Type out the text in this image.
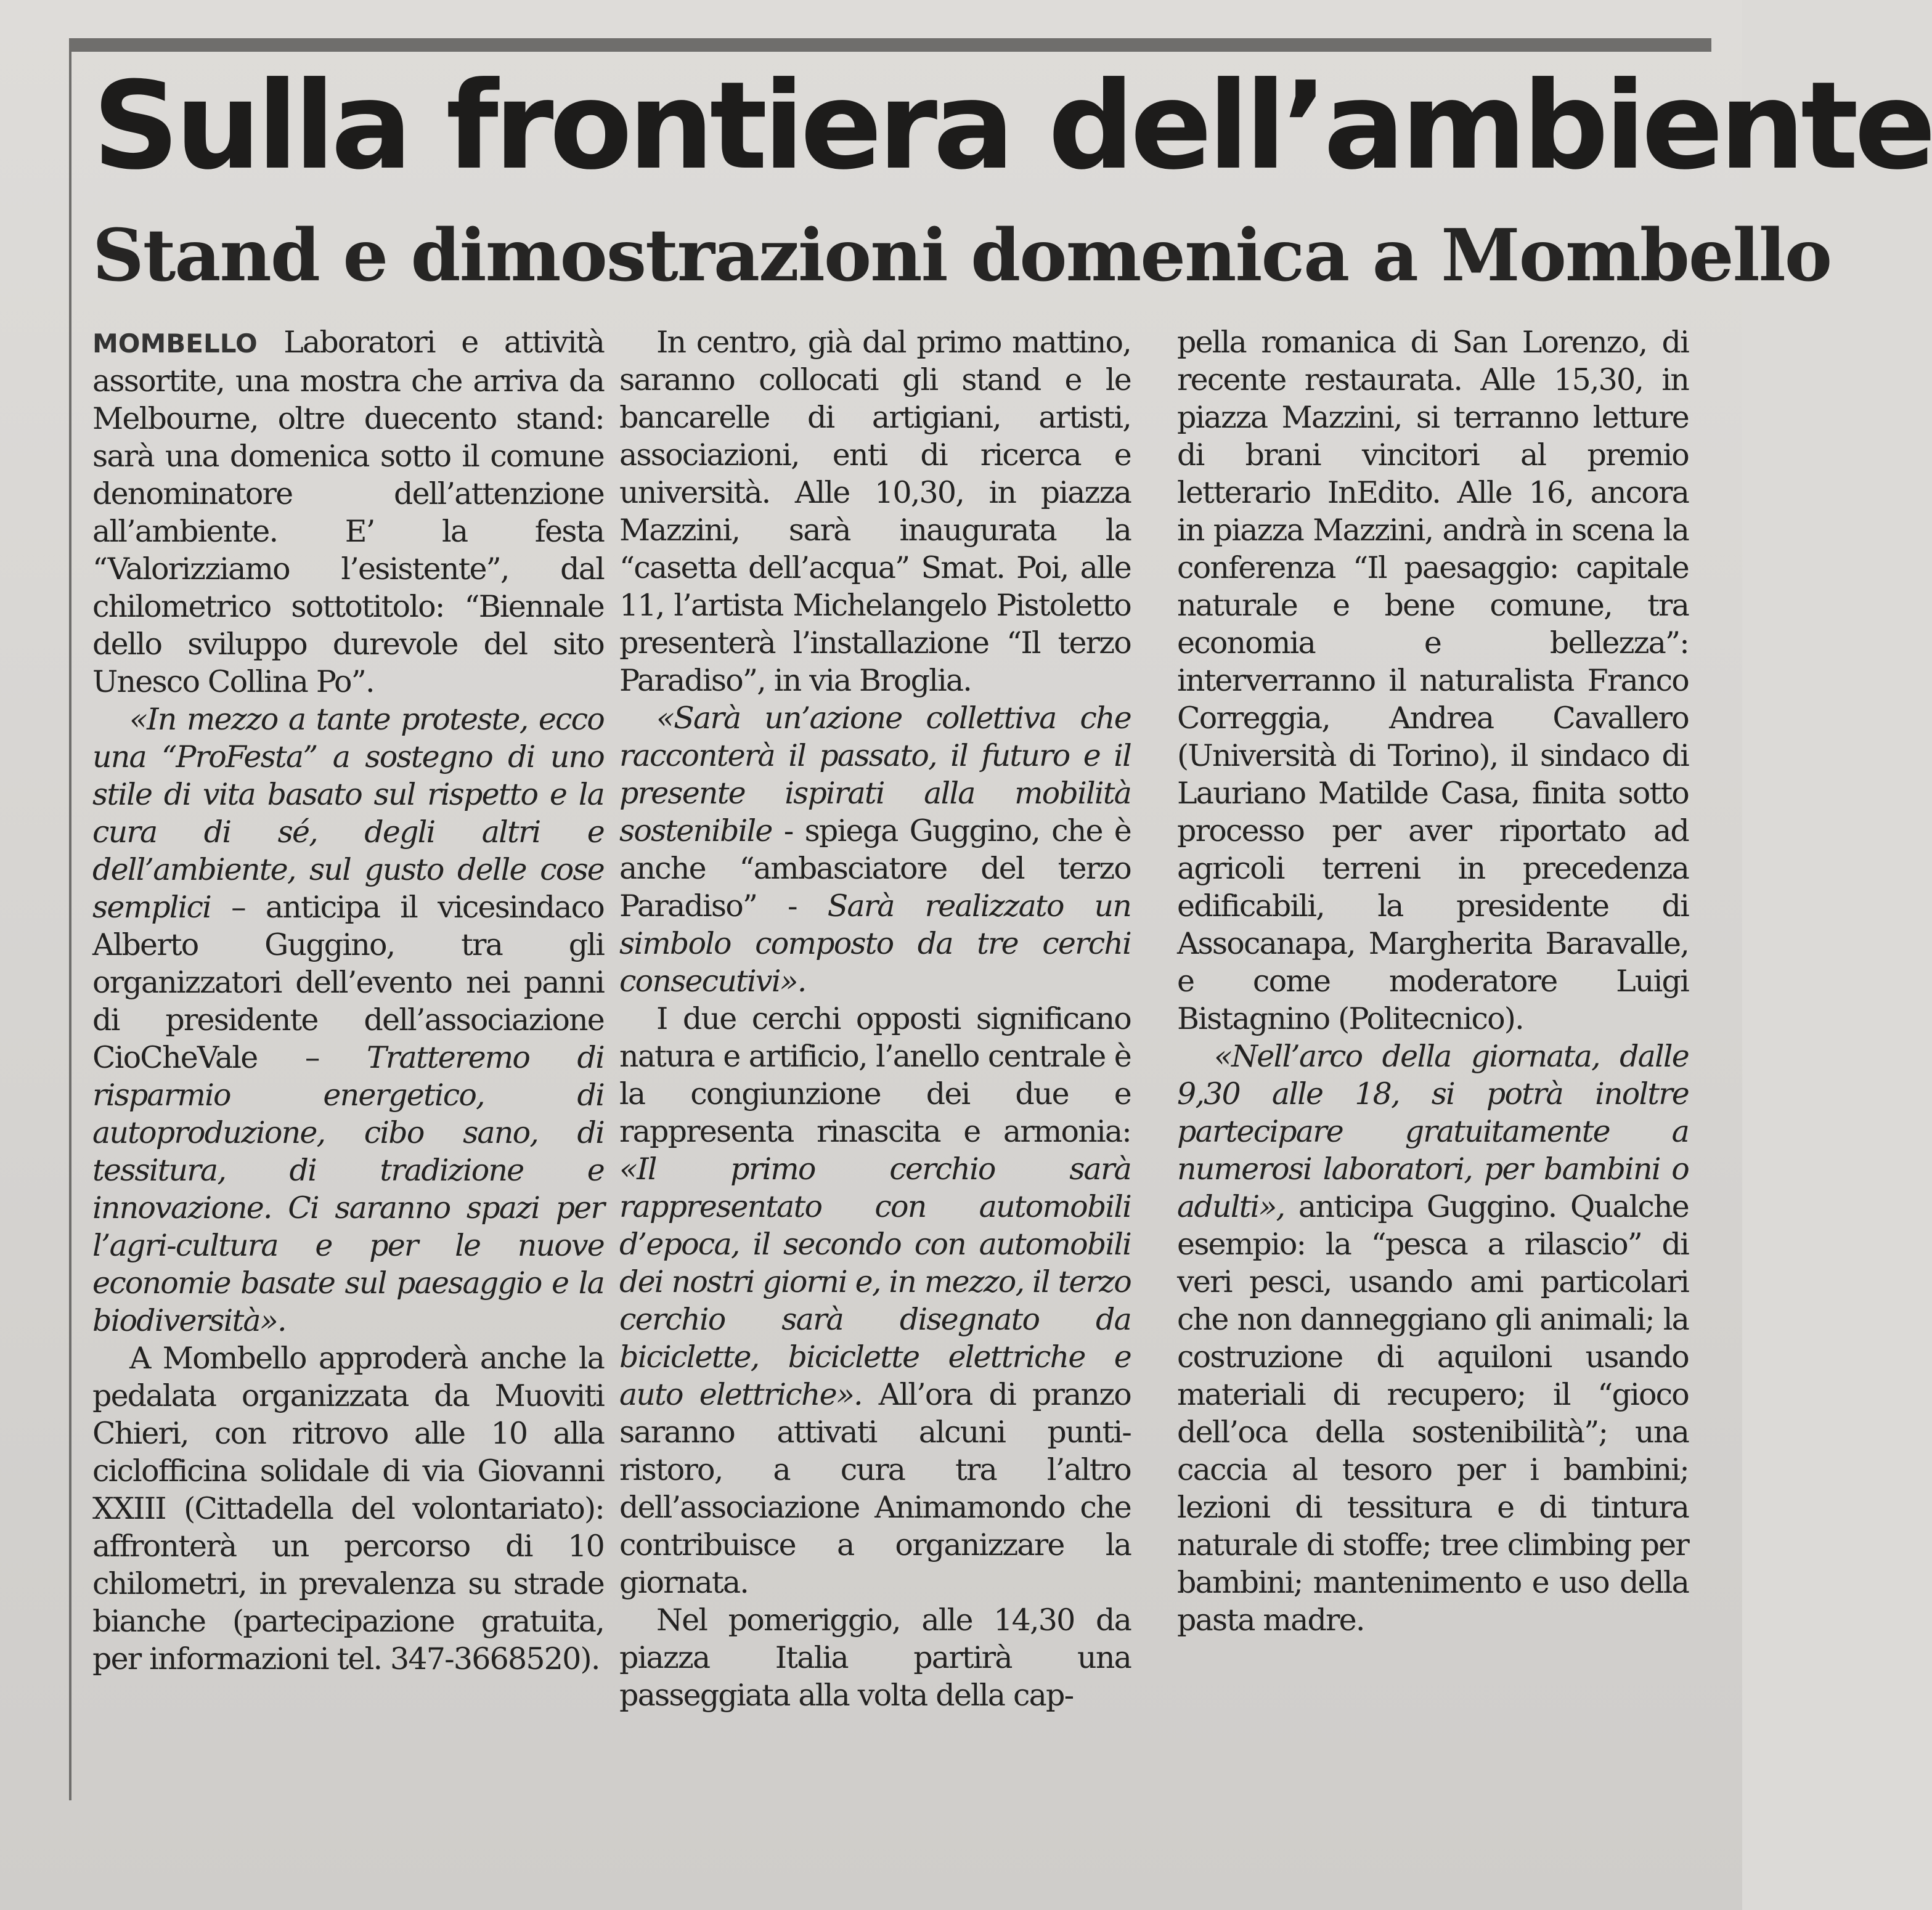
Sulla frontiera dell’ambiente
Stand e dimostrazioni domenica a Mombello

MOMBELLO Laboratori e attività assortite, una mostra che arriva da Melbourne, oltre duecento stand: sarà una domenica sotto il comune denominatore dell’attenzione all’ambiente. E’ la festa “Valorizziamo l’esistente”, dal chilometrico sottotitolo: “Biennale dello sviluppo durevole del sito Unesco Collina Po”.

«In mezzo a tante proteste, ecco una “ProFesta” a sostegno di uno stile di vita basato sul rispetto e la cura di sé, degli altri e dell’ambiente, sul gusto delle cose semplici – anticipa il vicesindaco Alberto Guggino, tra gli organizzatori dell’evento nei panni di presidente dell’associazione CioCheVale – Tratteremo di risparmio energetico, di autoproduzione, cibo sano, di tessitura, di tradizione e innovazione. Ci saranno spazi per l’agri-cultura e per le nuove economie basate sul paesaggio e la biodiversità».

A Mombello approderà anche la pedalata organizzata da Muoviti Chieri, con ritrovo alle 10 alla ciclofficina solidale di via Giovanni XXIII (Cittadella del volontariato): affronterà un percorso di 10 chilometri, in prevalenza su strade bianche (partecipazione gratuita, per informazioni tel. 347-3668520).

In centro, già dal primo mattino, saranno collocati gli stand e le bancarelle di artigiani, artisti, associazioni, enti di ricerca e università. Alle 10,30, in piazza Mazzini, sarà inaugurata la “casetta dell’acqua” Smat. Poi, alle 11, l’artista Michelangelo Pistoletto presenterà l’installazione “Il terzo Paradiso”, in via Broglia.

«Sarà un’azione collettiva che racconterà il passato, il futuro e il presente ispirati alla mobilità sostenibile - spiega Guggino, che è anche “ambasciatore del terzo Paradiso” - Sarà realizzato un simbolo composto da tre cerchi consecutivi».

I due cerchi opposti significano natura e artificio, l’anello centrale è la congiunzione dei due e rappresenta rinascita e armonia: «Il primo cerchio sarà rappresentato con automobili d’epoca, il secondo con automobili dei nostri giorni e, in mezzo, il terzo cerchio sarà disegnato da biciclette, biciclette elettriche e auto elettriche». All’ora di pranzo saranno attivati alcuni punti-ristoro, a cura tra l’altro dell’associazione Animamondo che contribuisce a organizzare la giornata.

Nel pomeriggio, alle 14,30 da piazza Italia partirà una passeggiata alla volta della cap-

pella romanica di San Lorenzo, di recente restaurata. Alle 15,30, in piazza Mazzini, si terranno letture di brani vincitori al premio letterario InEdito. Alle 16, ancora in piazza Mazzini, andrà in scena la conferenza “Il paesaggio: capitale naturale e bene comune, tra economia e bellezza”: interverranno il naturalista Franco Correggia, Andrea Cavallero (Università di Torino), il sindaco di Lauriano Matilde Casa, finita sotto processo per aver riportato ad agricoli terreni in precedenza edificabili, la presidente di Assocanapa, Margherita Baravalle, e come moderatore Luigi Bistagnino (Politecnico).

«Nell’arco della giornata, dalle 9,30 alle 18, si potrà inoltre partecipare gratuitamente a numerosi laboratori, per bambini o adulti», anticipa Guggino. Qualche esempio: la “pesca a rilascio” di veri pesci, usando ami particolari che non danneggiano gli animali; la costruzione di aquiloni usando materiali di recupero; il “gioco dell’oca della sostenibilità”; una caccia al tesoro per i bambini; lezioni di tessitura e di tintura naturale di stoffe; tree climbing per bambini; mantenimento e uso della pasta madre.
